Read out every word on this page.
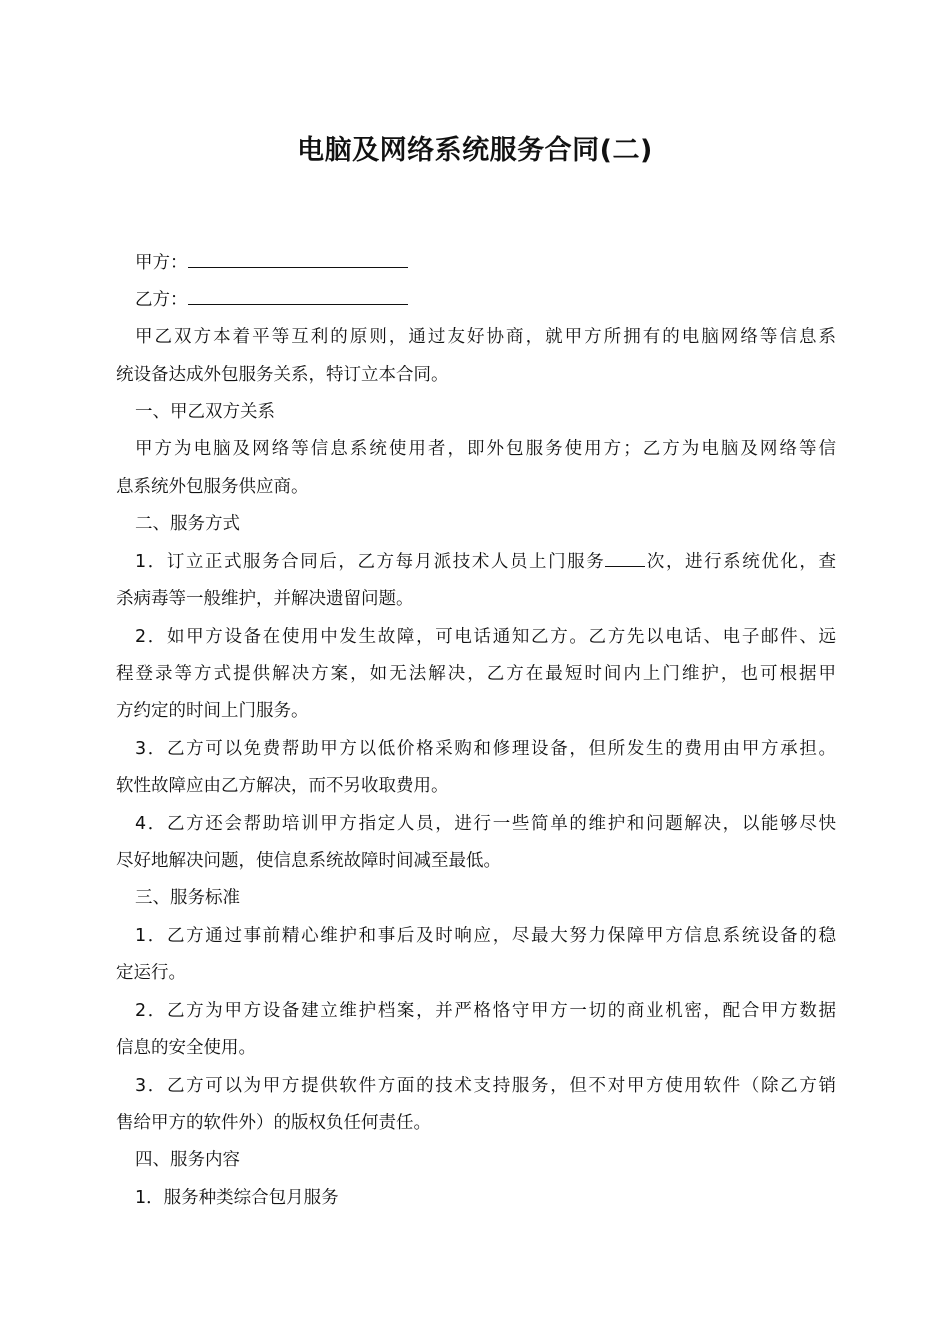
电脑及网络系统服务合同(二)
甲方：
乙方：
甲乙双方本着平等互利的原则，通过友好协商，就甲方所拥有的电脑网络等信息系
统设备达成外包服务关系，特订立本合同。
一、甲乙双方关系
甲方为电脑及网络等信息系统使用者，即外包服务使用方；乙方为电脑及网络等信
息系统外包服务供应商。
二、服务方式
1．订立正式服务合同后，乙方每月派技术人员上门服务 次，进行系统优化，查
杀病毒等一般维护，并解决遗留问题。
2．如甲方设备在使用中发生故障，可电话通知乙方。乙方先以电话、电子邮件、远
程登录等方式提供解决方案，如无法解决，乙方在最短时间内上门维护，也可根据甲
方约定的时间上门服务。
3．乙方可以免费帮助甲方以低价格采购和修理设备，但所发生的费用由甲方承担。
软性故障应由乙方解决，而不另收取费用。
4．乙方还会帮助培训甲方指定人员，进行一些简单的维护和问题解决，以能够尽快
尽好地解决问题，使信息系统故障时间减至最低。
三、服务标准
1．乙方通过事前精心维护和事后及时响应，尽最大努力保障甲方信息系统设备的稳
定运行。
2．乙方为甲方设备建立维护档案，并严格恪守甲方一切的商业机密，配合甲方数据
信息的安全使用。
3．乙方可以为甲方提供软件方面的技术支持服务，但不对甲方使用软件（除乙方销
售给甲方的软件外）的版权负任何责任。
四、服务内容
1．服务种类综合包月服务
